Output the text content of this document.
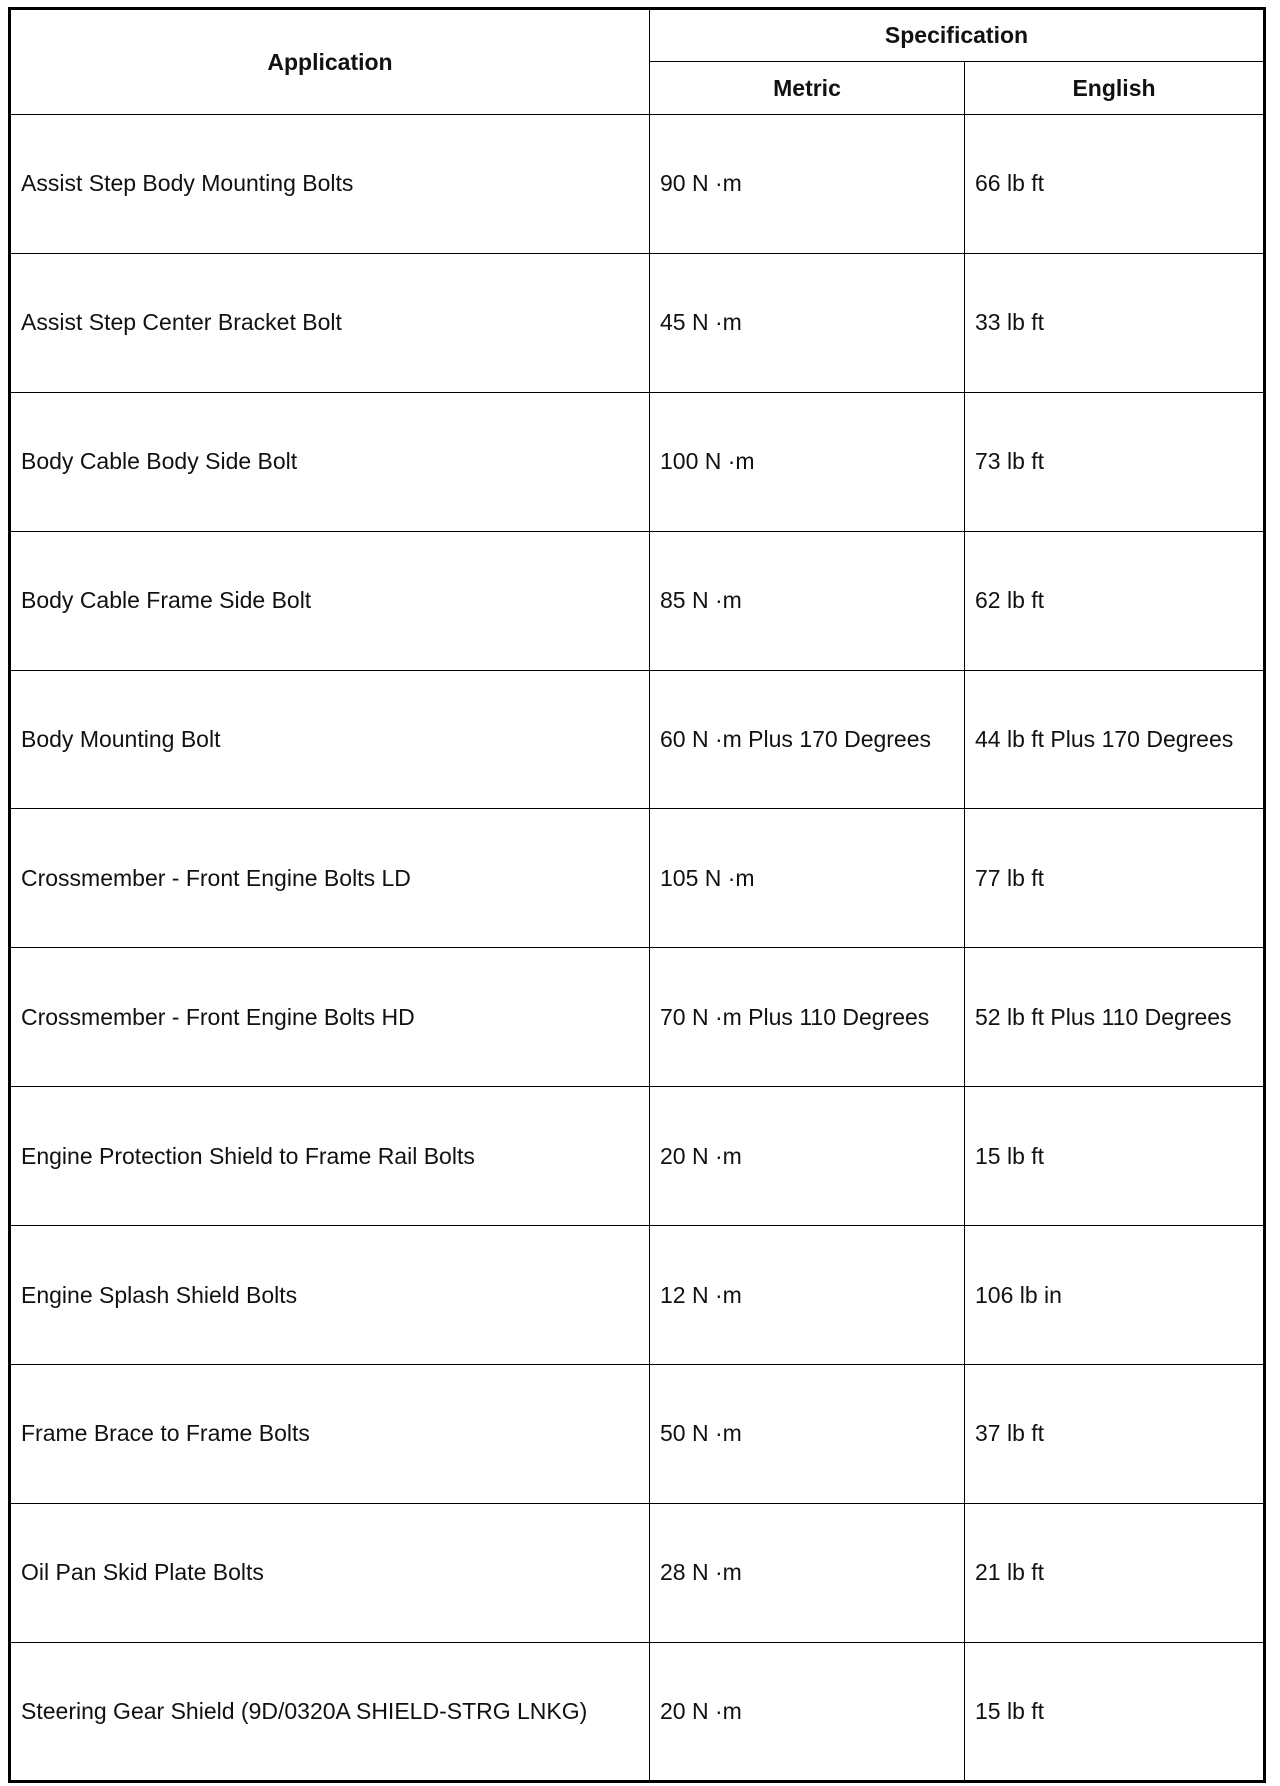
Application	Specification	
	Metric	English
Assist Step Body Mounting Bolts	90 N ·m	66 lb ft
Assist Step Center Bracket Bolt	45 N ·m	33 lb ft
Body Cable Body Side Bolt	100 N ·m	73 lb ft
Body Cable Frame Side Bolt	85 N ·m	62 lb ft
Body Mounting Bolt	60 N ·m Plus 170 Degrees	44 lb ft Plus 170 Degrees
Crossmember - Front Engine Bolts LD	105 N ·m	77 lb ft
Crossmember - Front Engine Bolts HD	70 N ·m Plus 110 Degrees	52 lb ft Plus 110 Degrees
Engine Protection Shield to Frame Rail Bolts	20 N ·m	15 lb ft
Engine Splash Shield Bolts	12 N ·m	106 lb in
Frame Brace to Frame Bolts	50 N ·m	37 lb ft
Oil Pan Skid Plate Bolts	28 N ·m	21 lb ft
Steering Gear Shield (9D/0320A SHIELD-STRG LNKG)	20 N ·m	15 lb ft
